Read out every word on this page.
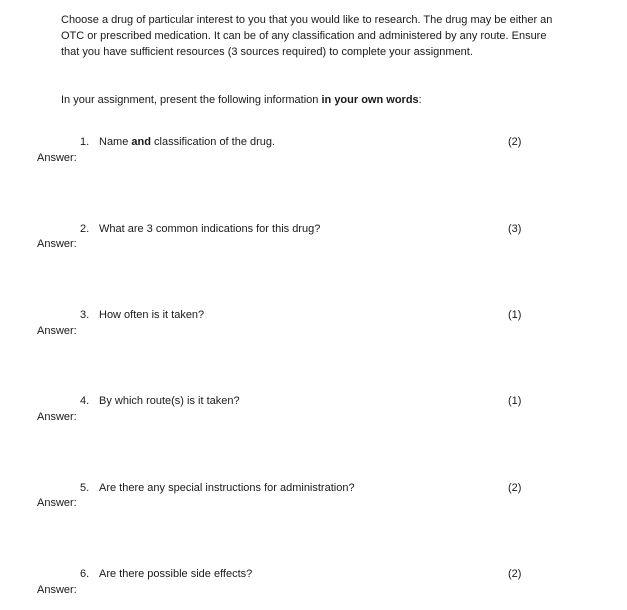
Choose a drug of particular interest to you that you would like to research. The drug may be either an OTC or prescribed medication. It can be of any classification and administered by any route. Ensure that you have sufficient resources (3 sources required) to complete your assignment.

In your assignment, present the following information in your own words:

1. Name and classification of the drug.	(2)
Answer:
2. What are 3 common indications for this drug?	(3)
Answer:
3. How often is it taken?	(1)
Answer:
4. By which route(s) is it taken?	(1)
Answer:
5. Are there any special instructions for administration?	(2)
Answer:
6. Are there possible side effects?	(2)
Answer:
